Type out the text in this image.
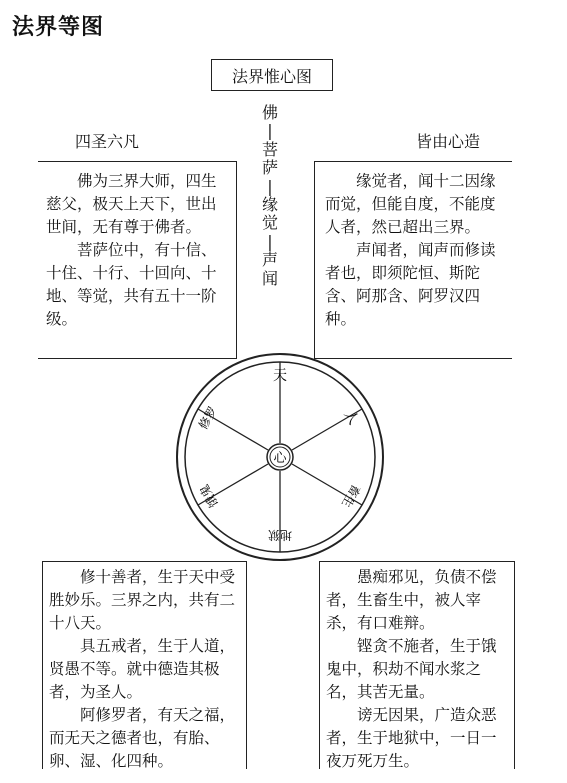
法界等图
法界惟心图
四圣六凡	皆由心造
佛
|
菩
萨
|
缘
觉
|
声
闻

佛为三界大师，四生慈父，极天上天下，世出世间，无有尊于佛者。

菩萨位中，有十信、十住、十行、十回向、十地、等觉，共有五十一阶级。

缘觉者，闻十二因缘而觉，但能自度，不能度人者，然已超出三界。

声闻者，闻声而修读者也，即须陀恒、斯陀含、阿那含、阿罗汉四种。

心
天
人
畜生
地狱
饿鬼
修罗

修十善者，生于天中受胜妙乐。三界之内，共有二十八天。

具五戒者，生于人道，贤愚不等。就中德造其极者，为圣人。

阿修罗者，有天之福，而无天之德者也，有胎、卵、湿、化四种。

愚痴邪见，负债不偿者，生畜生中，被人宰杀，有口难辩。

铿贪不施者，生于饿鬼中，积劫不闻水浆之名，其苦无量。

谤无因果，广造众恶者，生于地狱中，一日一夜万死万生。
